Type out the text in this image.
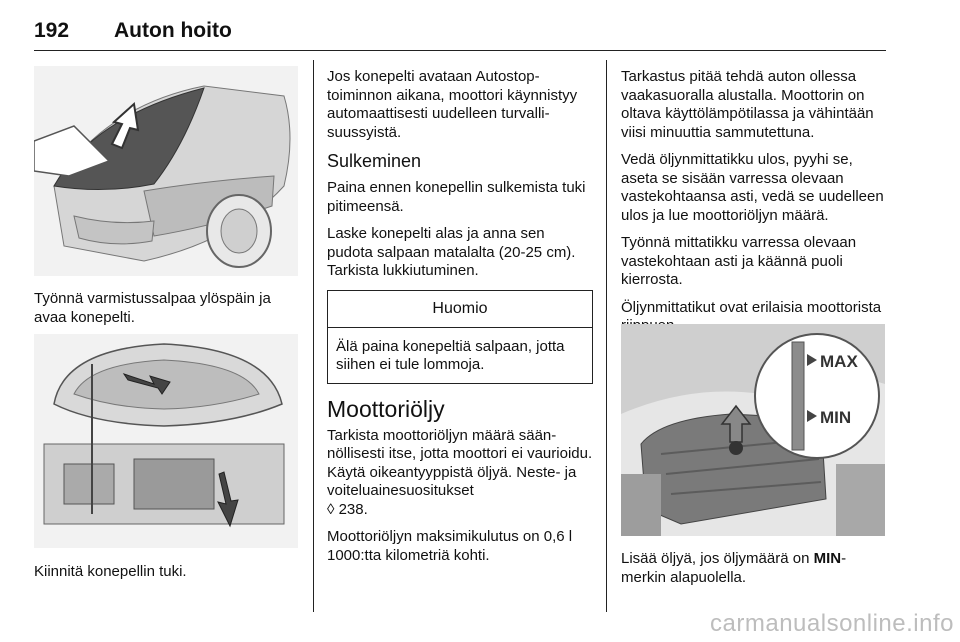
192 Auton hoito

Työnnä varmistussalpaa ylöspäin ja avaa konepelti.

Kiinnitä konepellin tuki.

Jos konepelti avataan Autostop-toiminnon aikana, moottori käynnistyy automaattisesti uudelleen turvallisuussyistä.

Sulkeminen

Paina ennen konepellin sulkemista tuki pitimeensä.

Laske konepelti alas ja anna sen pudota salpaan matalalta (20-25 cm). Tarkista lukkiutuminen.

Huomio
Älä paina konepeltiä salpaan, jotta siihen ei tule lommoja.
Moottoriöljy

Tarkista moottoriöljyn määrä säännöllisesti itse, jotta moottori ei vaurioidu. Käytä oikeantyyppistä öljyä. Neste- ja voiteluainesuositukset
◊ 238.

Moottoriöljyn maksimikulutus on 0,6 l 1000:tta kilometriä kohti.

Tarkastus pitää tehdä auton ollessa vaakasuoralla alustalla. Moottorin on oltava käyttölämpötilassa ja vähintään viisi minuuttia sammutettuna.

Vedä öljynmittatikku ulos, pyyhi se, aseta se sisään varressa olevaan vastekohtaansa asti, vedä se uudelleen ulos ja lue moottoriöljyn määrä.

Työnnä mittatikku varressa olevaan vastekohtaan asti ja käännä puoli kierrosta.

Öljynmittatikut ovat erilaisia moottorista

MAX
MIN

Lisää öljyä, jos öljymäärä on MIN-merkin alapuolella.

carmanualsonline.info
